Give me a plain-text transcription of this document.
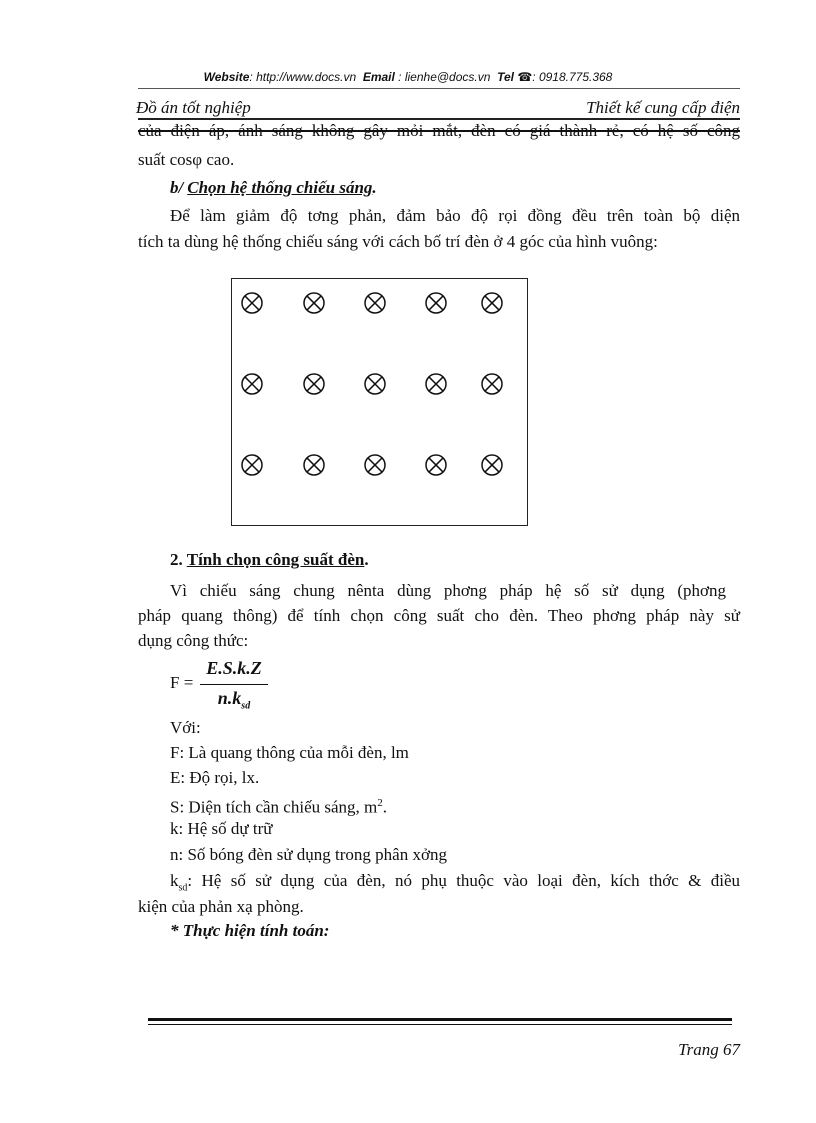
Website: http://www.docs.vn Email : lienhe@docs.vn Tel ☎: 0918.775.368
Đồ án tốt nghiệp	Thiết kế cung cấp điện
của điện áp, ánh sáng không gây mỏi mắt, đèn có giá thành rẻ, có hệ số công
suất cosφ cao.
b/ Chọn hệ thống chiếu sáng.
Để làm giảm độ tơng phản, đảm bảo độ rọi đồng đều trên toàn bộ diện
tích ta dùng hệ thống chiếu sáng với cách bố trí đèn ở 4 góc của hình vuông:
2. Tính chọn công suất đèn.
Vì chiếu sáng chung nênta dùng phơng pháp hệ số sử dụng (phơng
pháp quang thông) để tính chọn công suất cho đèn. Theo phơng pháp này sử
dụng công thức:
F =
E.S.k.Z
$n.k_{sd}$
Với:
F: Là quang thông của mỗi đèn, lm
E: Độ rọi, lx.
S: Diện tích cần chiếu sáng, $m^2$.
k: Hệ số dự trữ
n: Số bóng đèn sử dụng trong phân xởng
$k_{sd}$ : Hệ số sử dụng của đèn, nó phụ thuộc vào loại đèn, kích thớc & điều
kiện của phản xạ phòng.
* Thực hiện tính toán:
Trang 67
